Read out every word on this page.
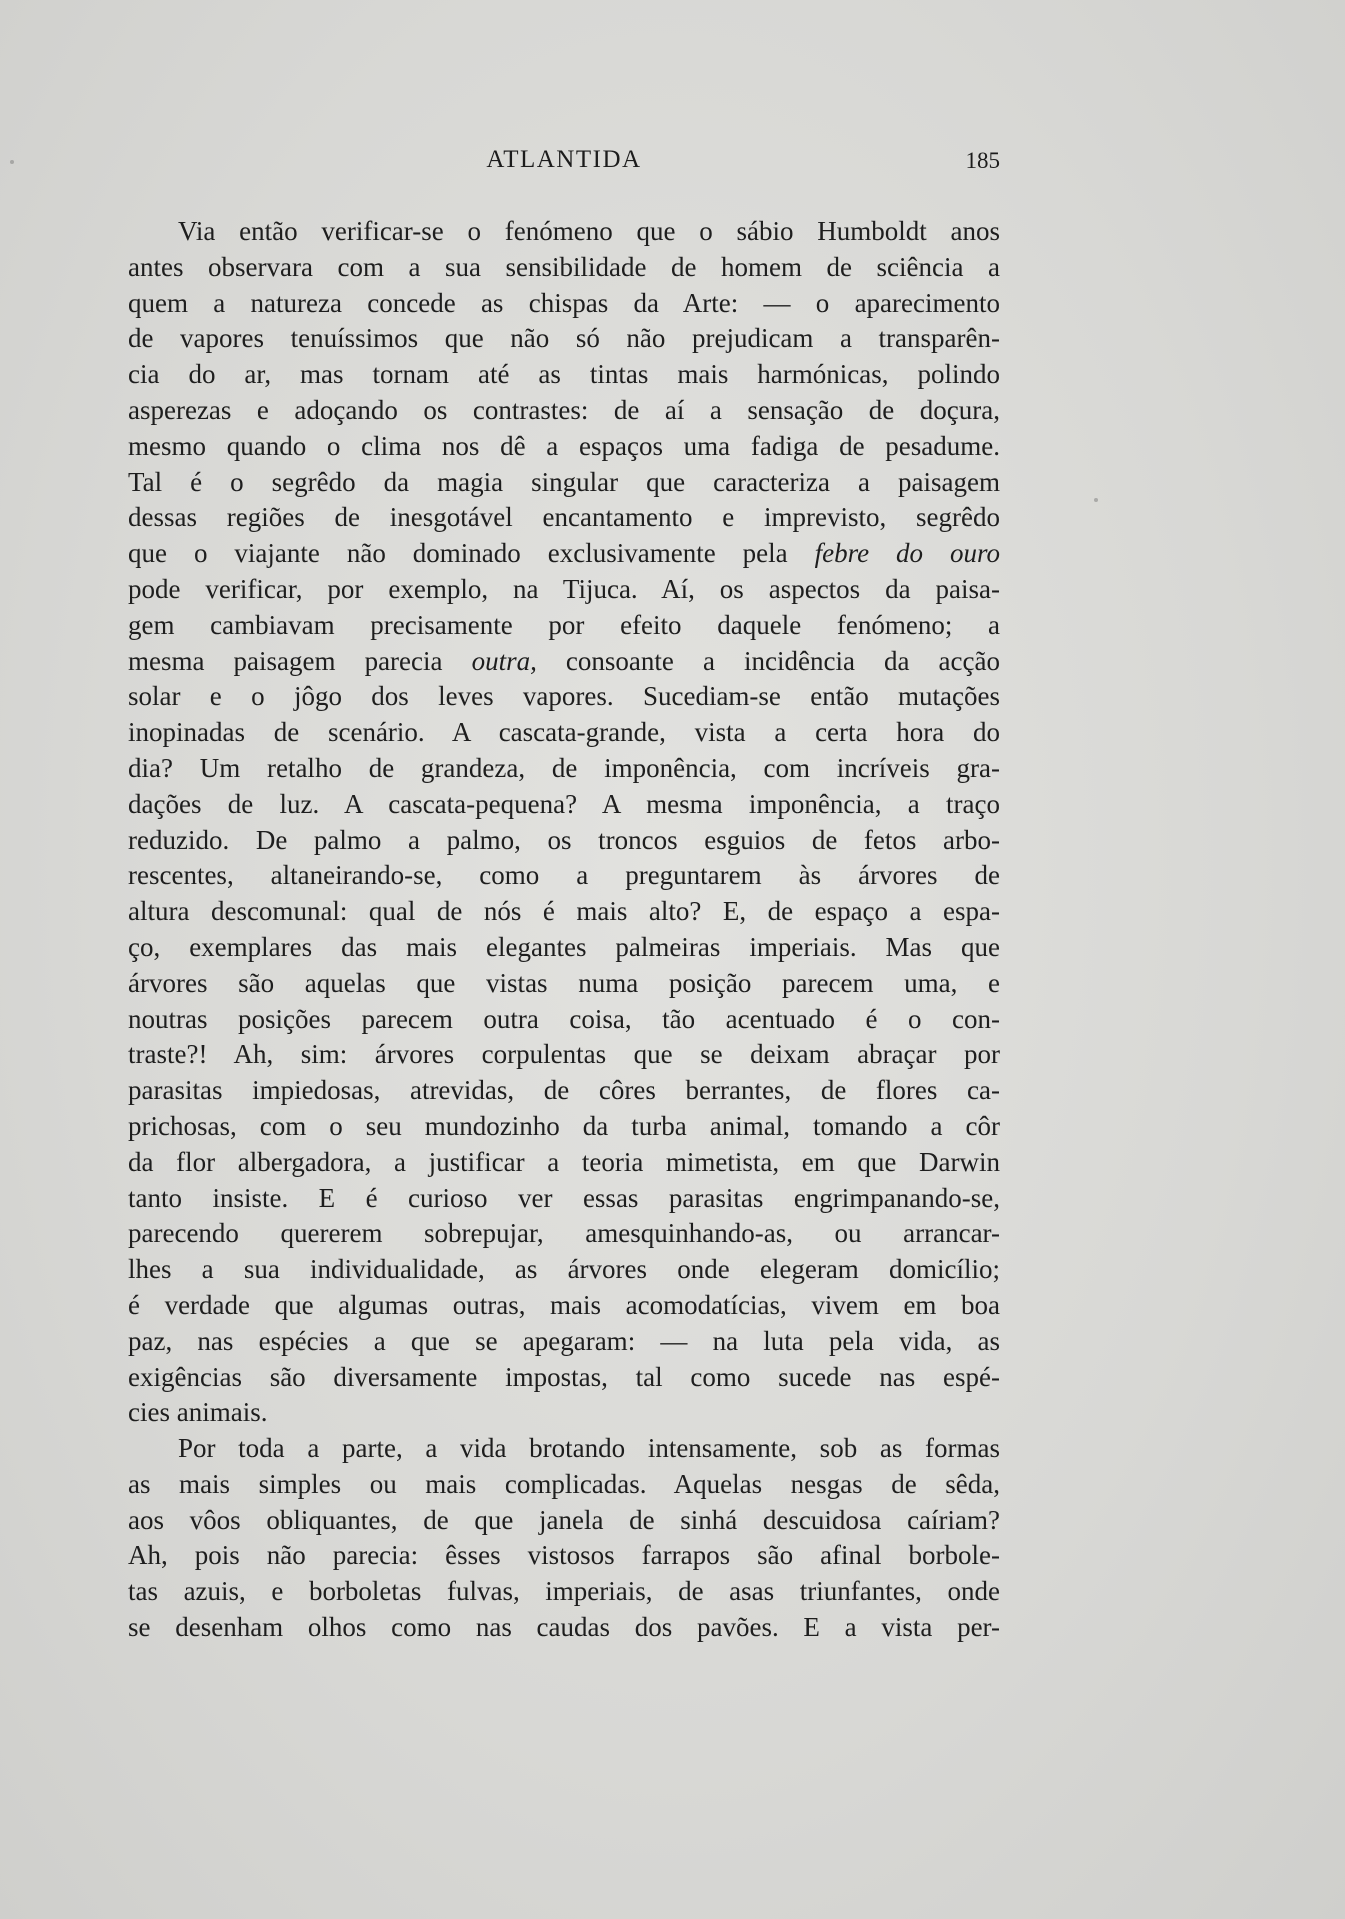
ATLANTIDA	185
Via então verificar-se o fenómeno que o sábio Humboldt anos
antes observara com a sua sensibilidade de homem de sciência a
quem a natureza concede as chispas da Arte: — o aparecimento
de vapores tenuíssimos que não só não prejudicam a transparên-
cia do ar, mas tornam até as tintas mais harmónicas, polindo
asperezas e adoçando os contrastes: de aí a sensação de doçura,
mesmo quando o clima nos dê a espaços uma fadiga de pesadume.
Tal é o segrêdo da magia singular que caracteriza a paisagem
dessas regiões de inesgotável encantamento e imprevisto, segrêdo
que o viajante não dominado exclusivamente pela febre do ouro
pode verificar, por exemplo, na Tijuca. Aí, os aspectos da paisa-
gem cambiavam precisamente por efeito daquele fenómeno; a
mesma paisagem parecia outra, consoante a incidência da acção
solar e o jôgo dos leves vapores. Sucediam-se então mutações
inopinadas de scenário. A cascata-grande, vista a certa hora do
dia? Um retalho de grandeza, de imponência, com incríveis gra-
dações de luz. A cascata-pequena? A mesma imponência, a traço
reduzido. De palmo a palmo, os troncos esguios de fetos arbo-
rescentes, altaneirando-se, como a preguntarem às árvores de
altura descomunal: qual de nós é mais alto? E, de espaço a espa-
ço, exemplares das mais elegantes palmeiras imperiais. Mas que
árvores são aquelas que vistas numa posição parecem uma, e
noutras posições parecem outra coisa, tão acentuado é o con-
traste?! Ah, sim: árvores corpulentas que se deixam abraçar por
parasitas impiedosas, atrevidas, de côres berrantes, de flores ca-
prichosas, com o seu mundozinho da turba animal, tomando a côr
da flor albergadora, a justificar a teoria mimetista, em que Darwin
tanto insiste. E é curioso ver essas parasitas engrimpanando-se,
parecendo quererem sobrepujar, amesquinhando-as, ou arrancar-
lhes a sua individualidade, as árvores onde elegeram domicílio;
é verdade que algumas outras, mais acomodatícias, vivem em boa
paz, nas espécies a que se apegaram: — na luta pela vida, as
exigências são diversamente impostas, tal como sucede nas espé-
cies animais.
Por toda a parte, a vida brotando intensamente, sob as formas
as mais simples ou mais complicadas. Aquelas nesgas de sêda,
aos vôos obliquantes, de que janela de sinhá descuidosa caíriam?
Ah, pois não parecia: êsses vistosos farrapos são afinal borbole-
tas azuis, e borboletas fulvas, imperiais, de asas triunfantes, onde
se desenham olhos como nas caudas dos pavões. E a vista per-
